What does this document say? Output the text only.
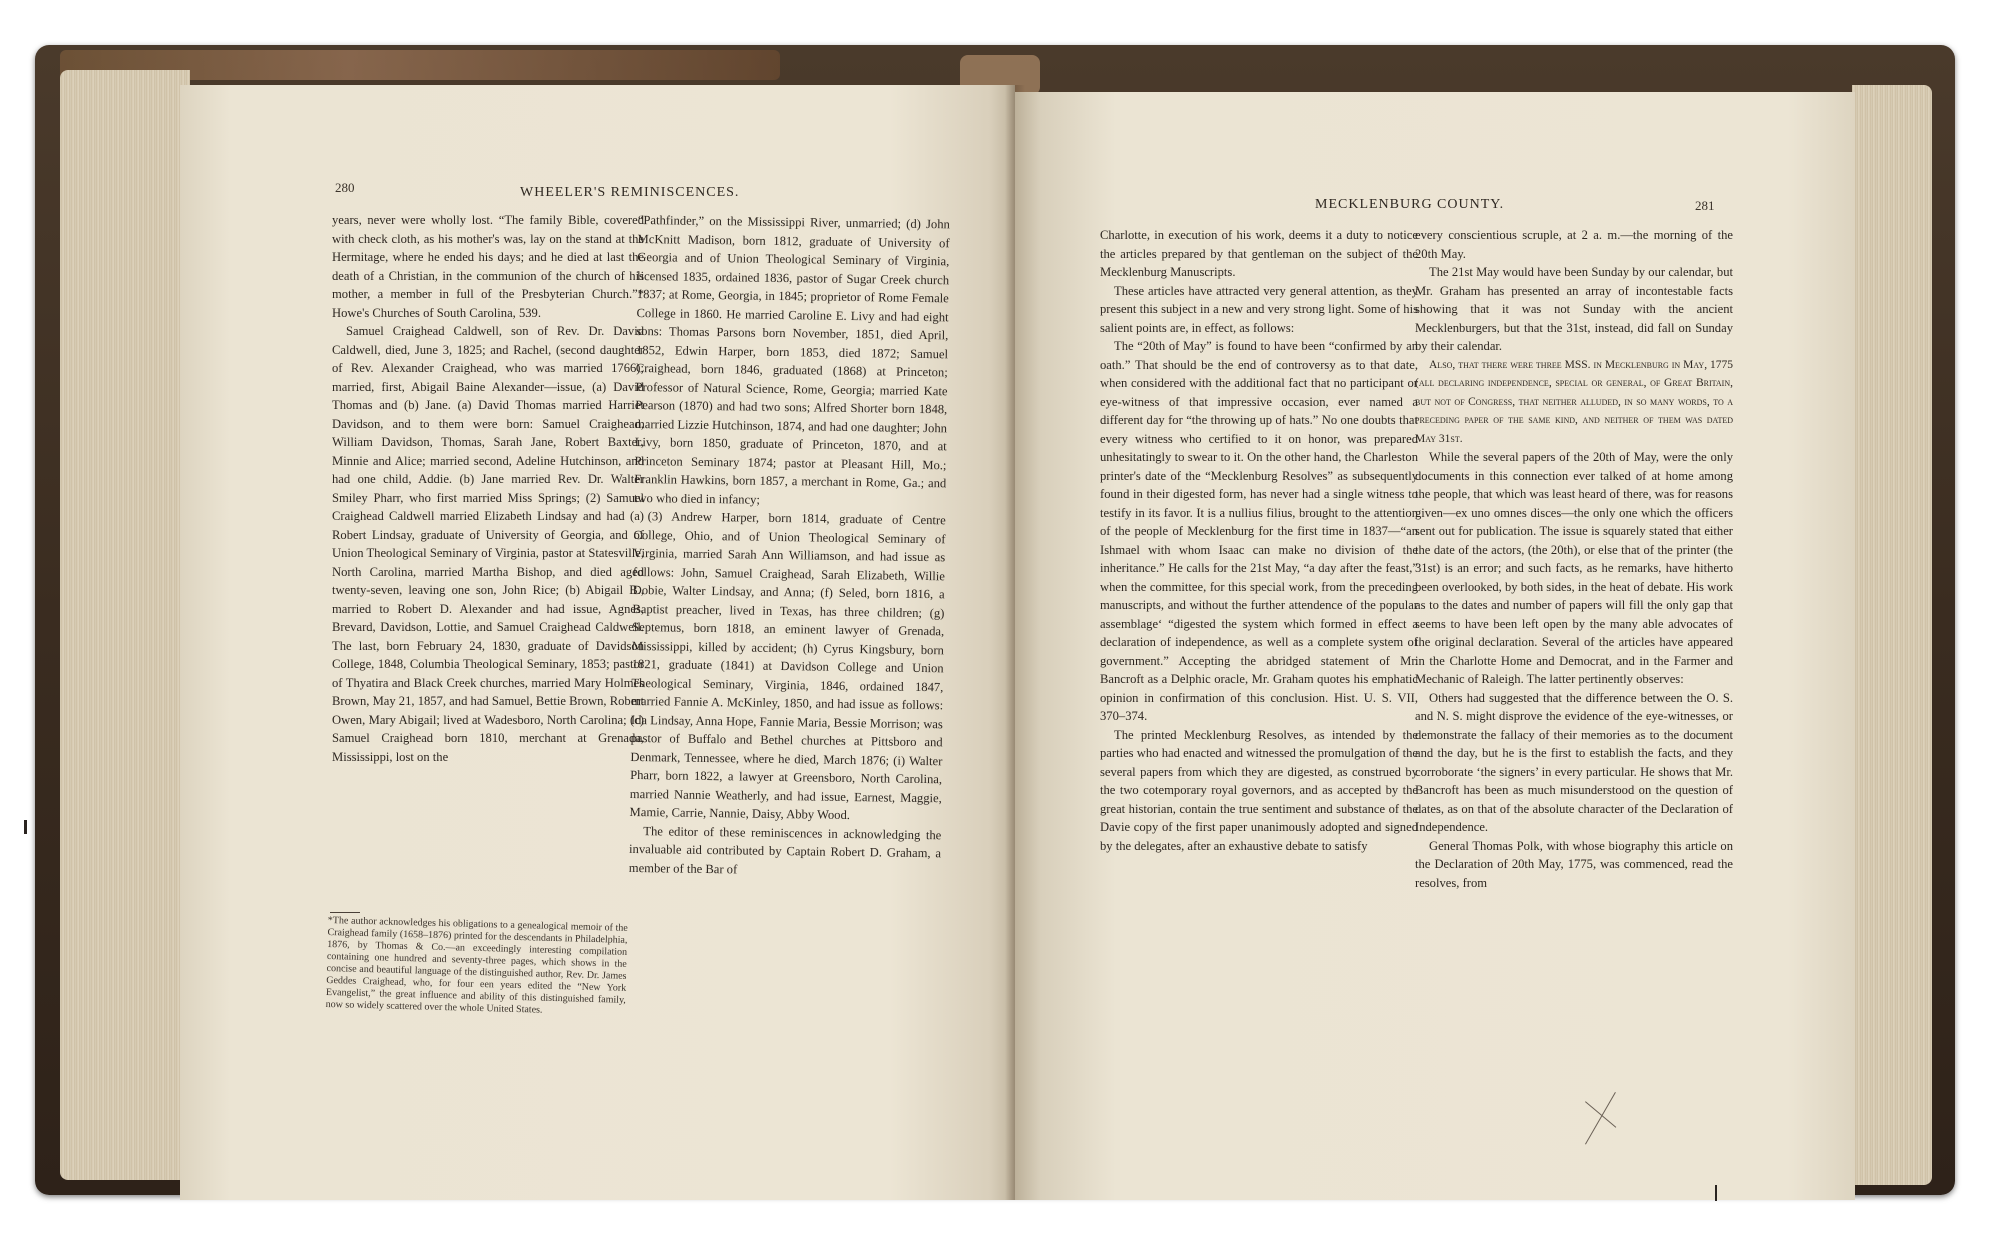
280	WHEELER'S REMINISCENCES.

years, never were wholly lost. “The family Bible, covered with check cloth, as his mother's was, lay on the stand at the Hermitage, where he ended his days; and he died at last the death of a Christian, in the communion of the church of his mother, a member in full of the Presbyterian Church.”* Howe's Churches of South Carolina, 539.

Samuel Craighead Caldwell, son of Rev. Dr. David Caldwell, died, June 3, 1825; and Rachel, (second daughter of Rev. Alexander Craighead, who was married 1766); married, first, Abigail Baine Alexander—issue, (a) David Thomas and (b) Jane. (a) David Thomas married Harriet Davidson, and to them were born: Samuel Craighead, William Davidson, Thomas, Sarah Jane, Robert Baxter, Minnie and Alice; married second, Adeline Hutchinson, and had one child, Addie. (b) Jane married Rev. Dr. Walter Smiley Pharr, who first married Miss Springs; (2) Samuel Craighead Caldwell married Elizabeth Lindsay and had (a) Robert Lindsay, graduate of University of Georgia, and of Union Theological Seminary of Virginia, pastor at Statesville, North Carolina, married Martha Bishop, and died aged twenty-seven, leaving one son, John Rice; (b) Abigail B., married to Robert D. Alexander and had issue, Agnes, Brevard, Davidson, Lottie, and Samuel Craighead Caldwell. The last, born February 24, 1830, graduate of Davidson College, 1848, Columbia Theological Seminary, 1853; pastor of Thyatira and Black Creek churches, married Mary Holmes Brown, May 21, 1857, and had Samuel, Bettie Brown, Robert Owen, Mary Abigail; lived at Wadesboro, North Carolina; (c) Samuel Craighead born 1810, merchant at Grenada, Mississippi, lost on the

*The author acknowledges his obligations to a genealogical memoir of the Craighead family (1658–1876) printed for the descendants in Philadelphia, 1876, by Thomas & Co.—an exceedingly interesting compilation containing one hundred and seventy-three pages, which shows in the concise and beautiful language of the distinguished author, Rev. Dr. James Geddes Craighead, who, for four een years edited the “New York Evangelist,” the great influence and ability of this distinguished family, now so widely scattered over the whole United States.

“Pathfinder,” on the Mississippi River, unmarried; (d) John McKnitt Madison, born 1812, graduate of University of Georgia and of Union Theological Seminary of Virginia, licensed 1835, ordained 1836, pastor of Sugar Creek church 1837; at Rome, Georgia, in 1845; proprietor of Rome Female College in 1860. He married Caroline E. Livy and had eight sons: Thomas Parsons born November, 1851, died April, 1852, Edwin Harper, born 1853, died 1872; Samuel Craighead, born 1846, graduated (1868) at Princeton; Professor of Natural Science, Rome, Georgia; married Kate Pearson (1870) and had two sons; Alfred Shorter born 1848, married Lizzie Hutchinson, 1874, and had one daughter; John Livy, born 1850, graduate of Princeton, 1870, and at Princeton Seminary 1874; pastor at Pleasant Hill, Mo.; Franklin Hawkins, born 1857, a merchant in Rome, Ga.; and two who died in infancy;

(3) Andrew Harper, born 1814, graduate of Centre College, Ohio, and of Union Theological Seminary of Virginia, married Sarah Ann Williamson, and had issue as follows: John, Samuel Craighead, Sarah Elizabeth, Willie Dobie, Walter Lindsay, and Anna; (f) Seled, born 1816, a Baptist preacher, lived in Texas, has three children; (g) Septemus, born 1818, an eminent lawyer of Grenada, Mississippi, killed by accident; (h) Cyrus Kingsbury, born 1821, graduate (1841) at Davidson College and Union Theological Seminary, Virginia, 1846, ordained 1847, married Fannie A. McKinley, 1850, and had issue as follows: Ida Lindsay, Anna Hope, Fannie Maria, Bessie Morrison; was pastor of Buffalo and Bethel churches at Pittsboro and Denmark, Tennessee, where he died, March 1876; (i) Walter Pharr, born 1822, a lawyer at Greensboro, North Carolina, married Nannie Weatherly, and had issue, Earnest, Maggie, Mamie, Carrie, Nannie, Daisy, Abby Wood.

The editor of these reminiscences in acknowledging the invaluable aid contributed by Captain Robert D. Graham, a member of the Bar of

MECKLENBURG COUNTY.	281

Charlotte, in execution of his work, deems it a duty to notice the articles prepared by that gentleman on the subject of the Mecklenburg Manuscripts.

These articles have attracted very general attention, as they present this subject in a new and very strong light. Some of his salient points are, in effect, as follows:

The “20th of May” is found to have been “confirmed by an oath.” That should be the end of controversy as to that date, when considered with the additional fact that no participant or eye-witness of that impressive occasion, ever named a different day for “the throwing up of hats.” No one doubts that every witness who certified to it on honor, was prepared unhesitatingly to swear to it. On the other hand, the Charleston printer's date of the “Mecklenburg Resolves” as subsequently found in their digested form, has never had a single witness to testify in its favor. It is a nullius filius, brought to the attention of the people of Mecklenburg for the first time in 1837—“an Ishmael with whom Isaac can make no division of the inheritance.” He calls for the 21st May, “a day after the feast,” when the committee, for this special work, from the preceding manuscripts, and without the further attendence of the popular assemblage‘ “digested the system which formed in effect a declaration of independence, as well as a complete system of government.” Accepting the abridged statement of Mr. Bancroft as a Delphic oracle, Mr. Graham quotes his emphatic opinion in confirmation of this conclusion. Hist. U. S. VII, 370–374.

The printed Mecklenburg Resolves, as intended by the parties who had enacted and witnessed the promulgation of the several papers from which they are digested, as construed by the two cotemporary royal governors, and as accepted by the great historian, contain the true sentiment and substance of the Davie copy of the first paper unanimously adopted and signed by the delegates, after an exhaustive debate to satisfy

every conscientious scruple, at 2 a. m.—the morning of the 20th May.

The 21st May would have been Sunday by our calendar, but Mr. Graham has presented an array of incontestable facts showing that it was not Sunday with the ancient Mecklenburgers, but that the 31st, instead, did fall on Sunday by their calendar.

Also, that there were three MSS. in Mecklenburg in May, 1775 (all declaring independence, special or general, of Great Britain, but not of Congress, that neither alluded, in so many words, to a preceding paper of the same kind, and neither of them was dated May 31st.

While the several papers of the 20th of May, were the only documents in this connection ever talked of at home among the people, that which was least heard of there, was for reasons given—ex uno omnes disces—the only one which the officers sent out for publication. The issue is squarely stated that either the date of the actors, (the 20th), or else that of the printer (the 31st) is an error; and such facts, as he remarks, have hitherto been overlooked, by both sides, in the heat of debate. His work as to the dates and number of papers will fill the only gap that seems to have been left open by the many able advocates of the original declaration. Several of the articles have appeared in the Charlotte Home and Democrat, and in the Farmer and Mechanic of Raleigh. The latter pertinently observes:

Others had suggested that the difference between the O. S. and N. S. might disprove the evidence of the eye-witnesses, or demonstrate the fallacy of their memories as to the document and the day, but he is the first to establish the facts, and they corroborate ‘the signers’ in every particular. He shows that Mr. Bancroft has been as much misunderstood on the question of dates, as on that of the absolute character of the Declaration of Independence.

General Thomas Polk, with whose biography this article on the Declaration of 20th May, 1775, was commenced, read the resolves, from
